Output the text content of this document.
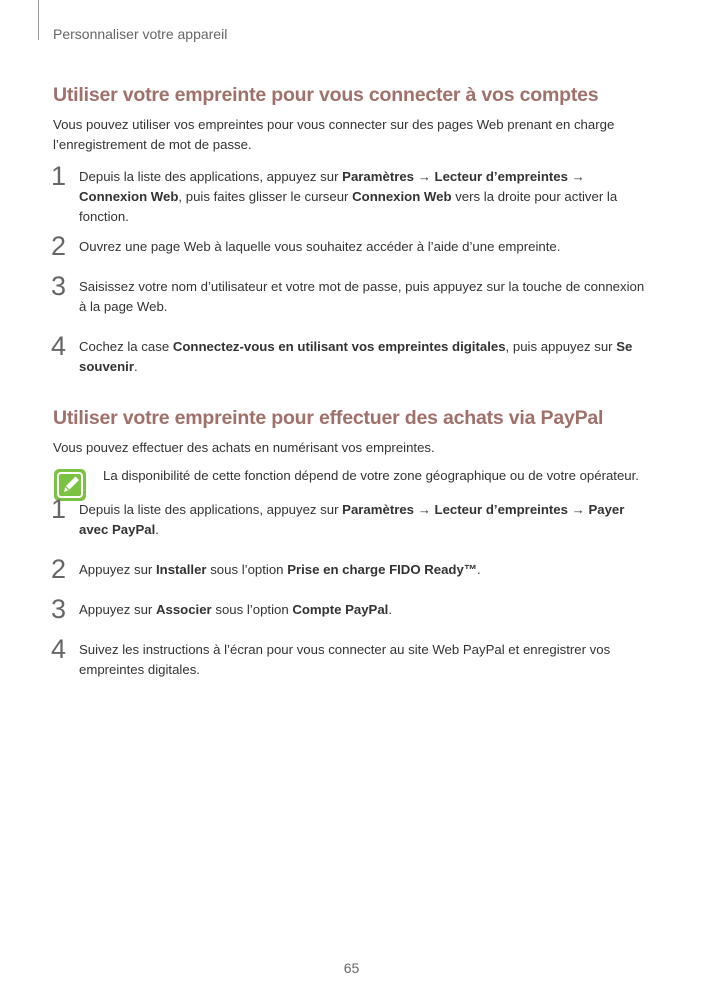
Personnaliser votre appareil
Utiliser votre empreinte pour vous connecter à vos comptes

Vous pouvez utiliser vos empreintes pour vous connecter sur des pages Web prenant en charge l’enregistrement de mot de passe.

1 Depuis la liste des applications, appuyez sur Paramètres → Lecteur d’empreintes → Connexion Web, puis faites glisser le curseur Connexion Web vers la droite pour activer la fonction.
2 Ouvrez une page Web à laquelle vous souhaitez accéder à l’aide d’une empreinte.
3 Saisissez votre nom d’utilisateur et votre mot de passe, puis appuyez sur la touche de connexion à la page Web.
4 Cochez la case Connectez-vous en utilisant vos empreintes digitales, puis appuyez sur Se souvenir.
Utiliser votre empreinte pour effectuer des achats via PayPal

Vous pouvez effectuer des achats en numérisant vos empreintes.

La disponibilité de cette fonction dépend de votre zone géographique ou de votre opérateur.
1 Depuis la liste des applications, appuyez sur Paramètres → Lecteur d’empreintes → Payer avec PayPal.
2 Appuyez sur Installer sous l’option Prise en charge FIDO Ready™.
3 Appuyez sur Associer sous l’option Compte PayPal.
4 Suivez les instructions à l’écran pour vous connecter au site Web PayPal et enregistrer vos empreintes digitales.
65
